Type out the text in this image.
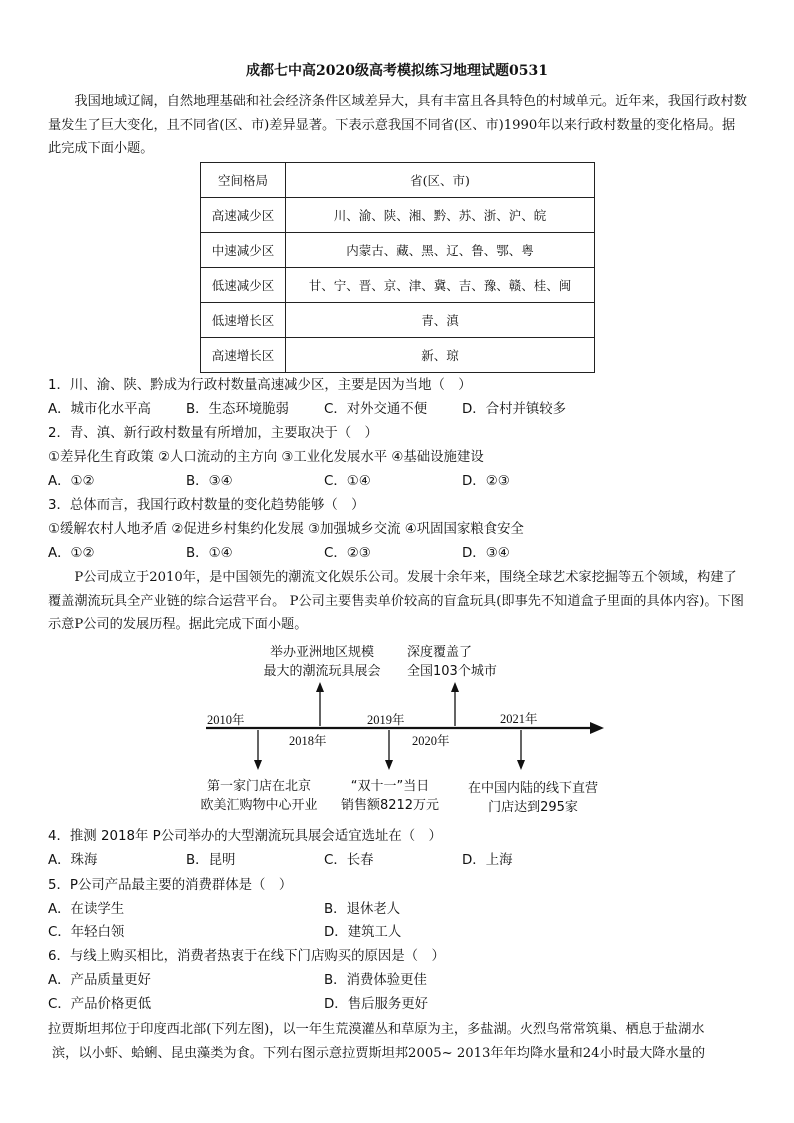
成都七中高2020级高考模拟练习地理试题0531
我国地域辽阔，自然地理基础和社会经济条件区域差异大，具有丰富且各具特色的村域单元。近年来，我国行政村数量发生了巨大变化，且不同省(区、市)差异显著。下表示意我国不同省(区、市)1990年以来行政村数量的变化格局。据此完成下面小题。
空间格局	省(区、市)
高速减少区	川、渝、陕、湘、黔、苏、浙、沪、皖
中速减少区	内蒙古、藏、黑、辽、鲁、鄂、粤
低速减少区	甘、宁、晋、京、津、冀、吉、豫、赣、桂、闽
低速增长区	青、滇
高速增长区	新、琼
1．川、渝、陕、黔成为行政村数量高速减少区，主要是因为当地（　）
A．城市化水平高	B．生态环境脆弱	C．对外交通不便	D．合村并镇较多
2．青、滇、新行政村数量有所增加，主要取决于（　）
①差异化生育政策 ②人口流动的主方向 ③工业化发展水平 ④基础设施建设
A．①②	B．③④	C．①④	D．②③
3．总体而言，我国行政村数量的变化趋势能够（　）
①缓解农村人地矛盾 ②促进乡村集约化发展 ③加强城乡交流 ④巩固国家粮食安全
A．①②	B．①④	C．②③	D．③④
P公司成立于2010年，是中国领先的潮流文化娱乐公司。发展十余年来，围绕全球艺术家挖掘等五个领域，构建了覆盖潮流玩具全产业链的综合运营平台。 P公司主要售卖单价较高的盲盒玩具(即事先不知道盒子里面的具体内容)。下图示意P公司的发展历程。据此完成下面小题。
2010年	2019年	2021年
2018年	2020年
举办亚洲地区规模
最大的潮流玩具展会
深度覆盖了
全国103个城市
第一家门店在北京
欧美汇购物中心开业
“双十一”当日
销售额8212万元
在中国内陆的线下直营
门店达到295家
4．推测 2018年 P公司举办的大型潮流玩具展会适宜选址在（　）
A．珠海	B．昆明	C．长春	D．上海
5．P公司产品最主要的消费群体是（　）
A．在读学生	B．退休老人
C．年轻白领	D．建筑工人
6．与线上购买相比，消费者热衷于在线下门店购买的原因是（　）
A．产品质量更好	B．消费体验更佳
C．产品价格更低	D．售后服务更好
拉贾斯坦邦位于印度西北部(下列左图)，以一年生荒漠灌丛和草原为主，多盐湖。火烈鸟常常筑巢、栖息于盐湖水
滨，以小虾、蛤蜊、昆虫藻类为食。下列右图示意拉贾斯坦邦2005~ 2013年年均降水量和24小时最大降水量的
